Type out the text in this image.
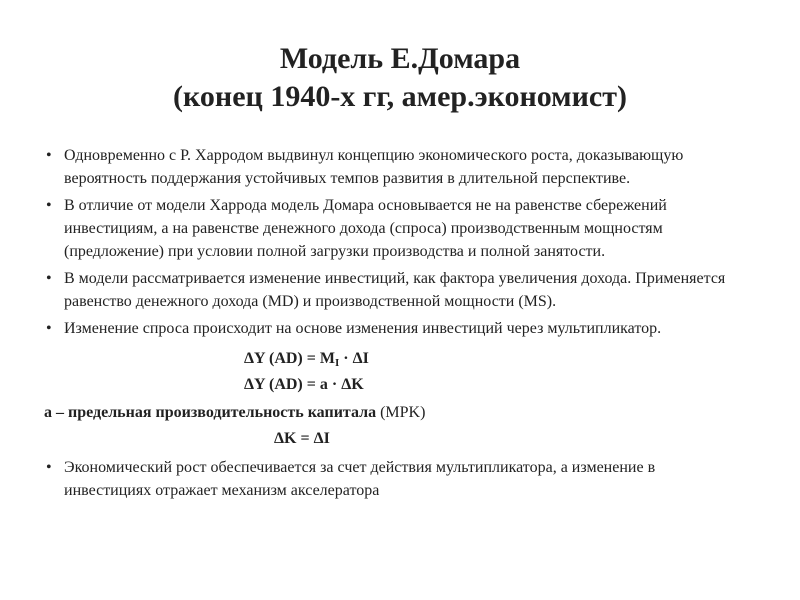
Модель Е.Домара
(конец 1940-х гг, амер.экономист)
• Одновременно с Р. Харродом выдвинул концепцию экономического роста, доказывающую вероятность поддержания устойчивых темпов развития в длительной перспективе.
• В отличие от модели Харрода модель Домара основывается не на равенстве сбережений инвестициям, а на равенстве денежного дохода (спроса) производственным мощностям (предложение) при условии полной загрузки производства и полной занятости.
• В модели рассматривается изменение инвестиций, как фактора увеличения дохода. Применяется равенство денежного дохода (MD) и производственной мощности (MS).
• Изменение спроса происходит на основе изменения инвестиций через мультипликатор.
ΔY $(AD) = M_I \cdot \Delta I$
ΔY (AD) = a · ΔK
a – предельная производительность капитала (MPK)
ΔK = ΔI
• Экономический рост обеспечивается за счет действия мультипликатора, а изменение в инвестициях отражает механизм акселератора
